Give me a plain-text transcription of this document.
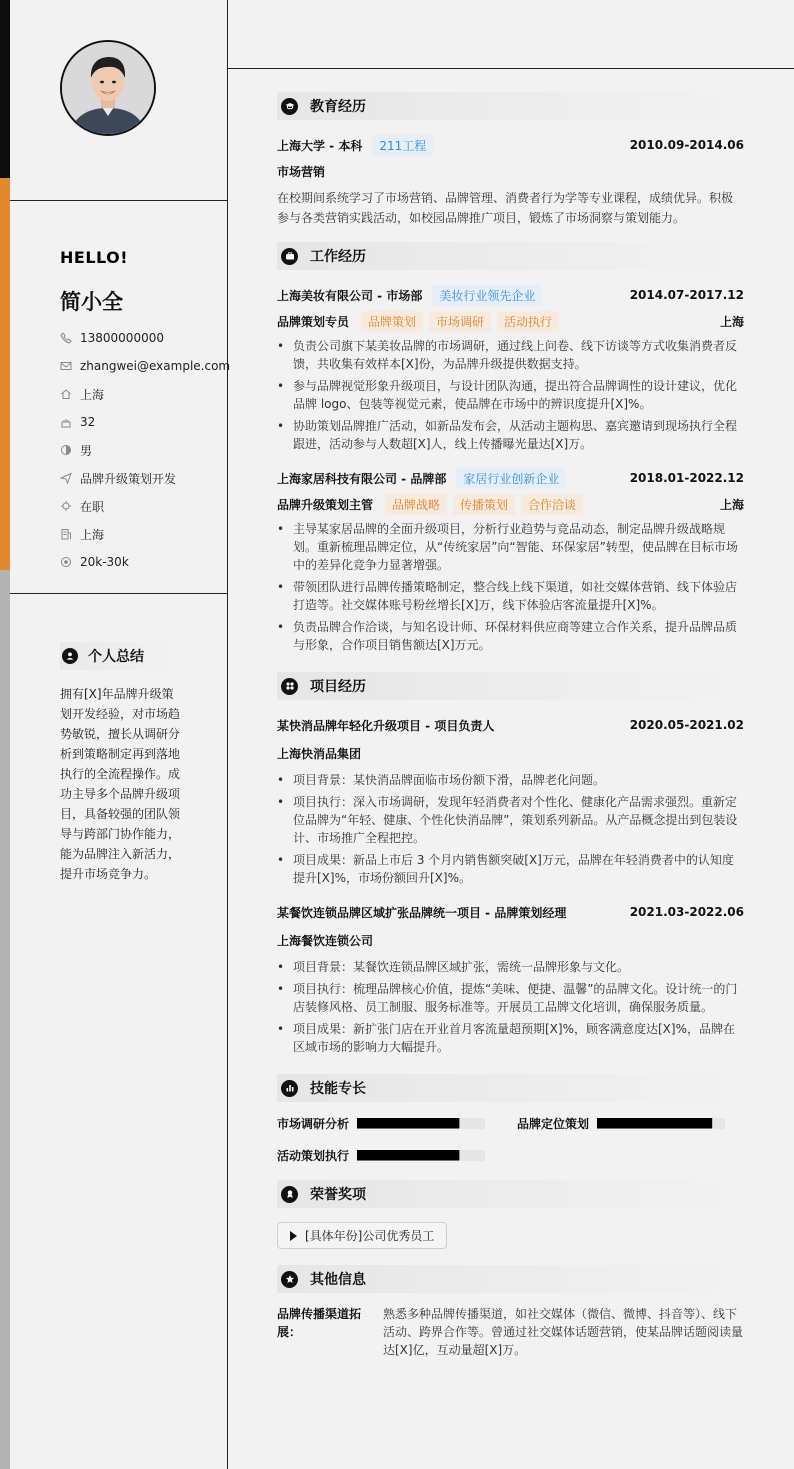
HELLO!
简小全
13800000000
zhangwei@example.com
上海
32
男
品牌升级策划开发
在职
上海
20k-30k
个人总结
拥有[X]年品牌升级策划开发经验，对市场趋势敏锐，擅长从调研分析到策略制定再到落地执行的全流程操作。成功主导多个品牌升级项目，具备较强的团队领导与跨部门协作能力，能为品牌注入新活力，提升市场竞争力。
教育经历
上海大学 - 本科 211工程	2010.09-2014.06
市场营销
在校期间系统学习了市场营销、品牌管理、消费者行为学等专业课程，成绩优异。积极参与各类营销实践活动，如校园品牌推广项目，锻炼了市场洞察与策划能力。
工作经历
上海美妆有限公司 - 市场部 美妆行业领先企业	2014.07-2017.12
品牌策划专员 品牌策划 市场调研 活动执行	上海
• 负责公司旗下某美妆品牌的市场调研，通过线上问卷、线下访谈等方式收集消费者反馈，共收集有效样本[X]份，为品牌升级提供数据支持。
• 参与品牌视觉形象升级项目，与设计团队沟通，提出符合品牌调性的设计建议，优化品牌 logo、包装等视觉元素，使品牌在市场中的辨识度提升[X]%。
• 协助策划品牌推广活动，如新品发布会，从活动主题构思、嘉宾邀请到现场执行全程跟进，活动参与人数超[X]人，线上传播曝光量达[X]万。
上海家居科技有限公司 - 品牌部 家居行业创新企业	2018.01-2022.12
品牌升级策划主管 品牌战略 传播策划 合作洽谈	上海
• 主导某家居品牌的全面升级项目，分析行业趋势与竞品动态，制定品牌升级战略规划。重新梳理品牌定位，从“传统家居”向“智能、环保家居”转型，使品牌在目标市场中的差异化竞争力显著增强。
• 带领团队进行品牌传播策略制定，整合线上线下渠道，如社交媒体营销、线下体验店打造等。社交媒体账号粉丝增长[X]万，线下体验店客流量提升[X]%。
• 负责品牌合作洽谈，与知名设计师、环保材料供应商等建立合作关系，提升品牌品质与形象，合作项目销售额达[X]万元。
项目经历
某快消品牌年轻化升级项目 - 项目负责人	2020.05-2021.02
上海快消品集团
• 项目背景：某快消品牌面临市场份额下滑，品牌老化问题。
• 项目执行：深入市场调研，发现年轻消费者对个性化、健康化产品需求强烈。重新定位品牌为“年轻、健康、个性化快消品牌”，策划系列新品。从产品概念提出到包装设计、市场推广全程把控。
• 项目成果：新品上市后 3 个月内销售额突破[X]万元，品牌在年轻消费者中的认知度提升[X]%，市场份额回升[X]%。
某餐饮连锁品牌区域扩张品牌统一项目 - 品牌策划经理	2021.03-2022.06
上海餐饮连锁公司
• 项目背景：某餐饮连锁品牌区域扩张，需统一品牌形象与文化。
• 项目执行：梳理品牌核心价值，提炼“美味、便捷、温馨”的品牌文化。设计统一的门店装修风格、员工制服、服务标准等。开展员工品牌文化培训，确保服务质量。
• 项目成果：新扩张门店在开业首月客流量超预期[X]%，顾客满意度达[X]%，品牌在区域市场的影响力大幅提升。
技能专长
市场调研分析	品牌定位策划
活动策划执行
荣誉奖项
[具体年份]公司优秀员工
其他信息
品牌传播渠道拓展：
熟悉多种品牌传播渠道，如社交媒体（微信、微博、抖音等）、线下活动、跨界合作等。曾通过社交媒体话题营销，使某品牌话题阅读量达[X]亿，互动量超[X]万。
